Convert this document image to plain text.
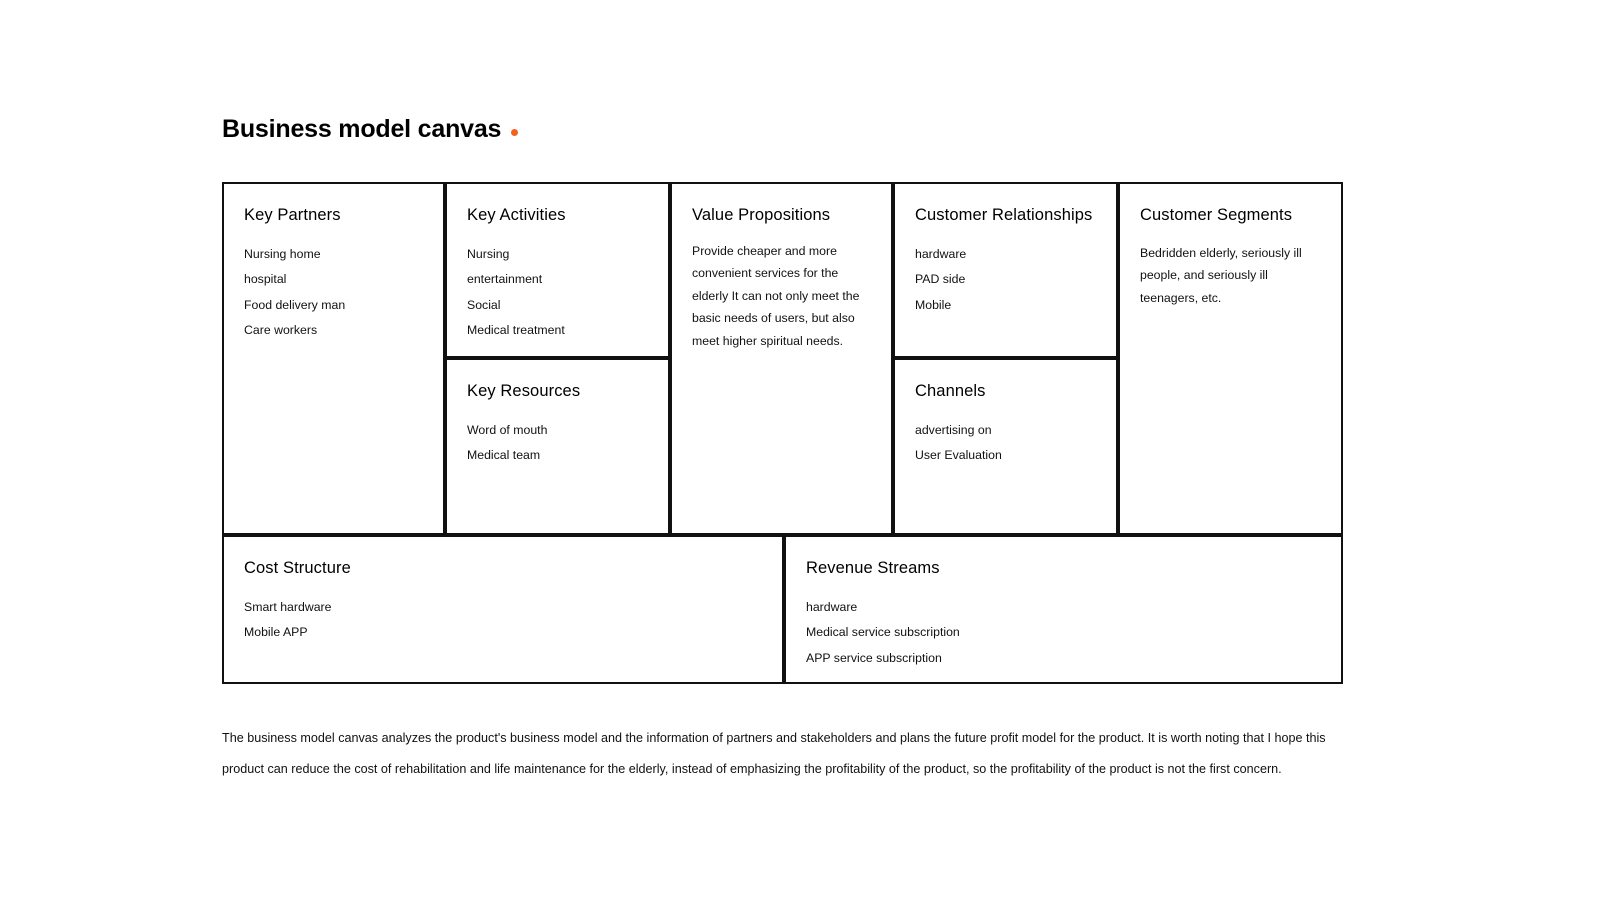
Business model canvas
Key Partners
Nursing home
hospital
Food delivery man
Care workers
Key Activities
Nursing
entertainment
Social
Medical treatment
Key Resources
Word of mouth
Medical team
Value Propositions

Provide cheaper and more convenient services for the elderly It can not only meet the basic needs of users, but also meet higher spiritual needs.

Customer Relationships
hardware
PAD side
Mobile
Channels
advertising on
User Evaluation
Customer Segments

Bedridden elderly, seriously ill people, and seriously ill teenagers, etc.

Cost Structure
Smart hardware
Mobile APP
Revenue Streams
hardware
Medical service subscription
APP service subscription

The business model canvas analyzes the product's business model and the information of partners and stakeholders and plans the future profit model for the product. It is worth noting that I hope this product can reduce the cost of rehabilitation and life maintenance for the elderly, instead of emphasizing the profitability of the product, so the profitability of the product is not the first concern.
